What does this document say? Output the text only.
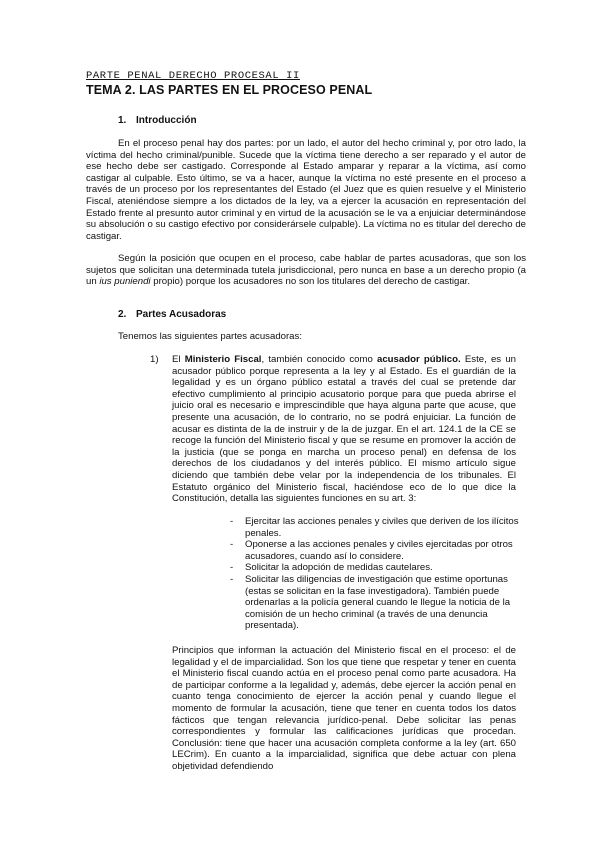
PARTE PENAL DERECHO PROCESAL II
TEMA 2. LAS PARTES EN EL PROCESO PENAL
1. Introducción
En el proceso penal hay dos partes: por un lado, el autor del hecho criminal y, por otro lado, la víctima del hecho criminal/punible. Sucede que la víctima tiene derecho a ser reparado y el autor de ese hecho debe ser castigado. Corresponde al Estado amparar y reparar a la víctima, así como castigar al culpable. Esto último, se va a hacer, aunque la víctima no esté presente en el proceso a través de un proceso por los representantes del Estado (el Juez que es quien resuelve y el Ministerio Fiscal, ateniéndose siempre a los dictados de la ley, va a ejercer la acusación en representación del Estado frente al presunto autor criminal y en virtud de la acusación se le va a enjuiciar determinándose su absolución o su castigo efectivo por considerársele culpable). La víctima no es titular del derecho de castigar.
Según la posición que ocupen en el proceso, cabe hablar de partes acusadoras, que son los sujetos que solicitan una determinada tutela jurisdiccional, pero nunca en base a un derecho propio (a un ius puniendi propio) porque los acusadores no son los titulares del derecho de castigar.
2. Partes Acusadoras
Tenemos las siguientes partes acusadoras:
1) El Ministerio Fiscal, también conocido como acusador público. Este, es un acusador público porque representa a la ley y al Estado. Es el guardián de la legalidad y es un órgano público estatal a través del cual se pretende dar efectivo cumplimiento al principio acusatorio porque para que pueda abrirse el juicio oral es necesario e imprescindible que haya alguna parte que acuse, que presente una acusación, de lo contrario, no se podrá enjuiciar. La función de acusar es distinta de la de instruir y de la de juzgar. En el art. 124.1 de la CE se recoge la función del Ministerio fiscal y que se resume en promover la acción de la justicia (que se ponga en marcha un proceso penal) en defensa de los derechos de los ciudadanos y del interés público. El mismo artículo sigue diciendo que también debe velar por la independencia de los tribunales. El Estatuto orgánico del Ministerio fiscal, haciéndose eco de lo que dice la Constitución, detalla las siguientes funciones en su art. 3:
- Ejercitar las acciones penales y civiles que deriven de los ilícitos penales.
- Oponerse a las acciones penales y civiles ejercitadas por otros acusadores, cuando así lo considere.
- Solicitar la adopción de medidas cautelares.
- Solicitar las diligencias de investigación que estime oportunas (estas se solicitan en la fase investigadora). También puede ordenarlas a la policía general cuando le llegue la noticia de la comisión de un hecho criminal (a través de una denuncia presentada).
Principios que informan la actuación del Ministerio fiscal en el proceso: el de legalidad y el de imparcialidad. Son los que tiene que respetar y tener en cuenta el Ministerio fiscal cuando actúa en el proceso penal como parte acusadora. Ha de participar conforme a la legalidad y, además, debe ejercer la acción penal en cuanto tenga conocimiento de ejercer la acción penal y cuando llegue el momento de formular la acusación, tiene que tener en cuenta todos los datos fácticos que tengan relevancia jurídico-penal. Debe solicitar las penas correspondientes y formular las calificaciones jurídicas que procedan. Conclusión: tiene que hacer una acusación completa conforme a la ley (art. 650 LECrim). En cuanto a la imparcialidad, significa que debe actuar con plena objetividad defendiendo
